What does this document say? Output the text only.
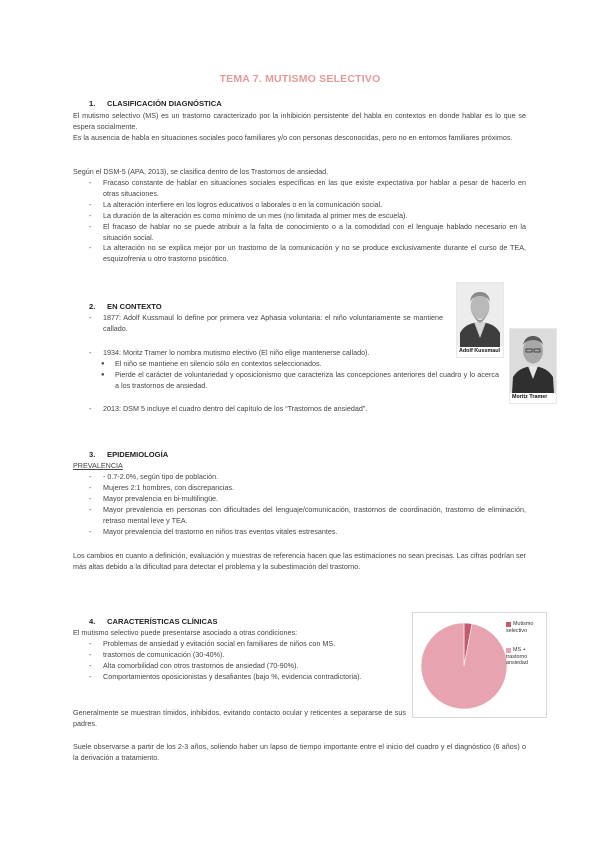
TEMA 7. MUTISMO SELECTIVO
1. CLASIFICACIÓN DIAGNÓSTICA
El mutismo selectivo (MS) es un trastorno caracterizado por la inhibición persistente del habla en contextos en donde hablar es lo que se espera socialmente.
Es la ausencia de habla en situaciones sociales poco familiares y/o con personas desconocidas, pero no en entornos familiares próximos.
Según el DSM-5 (APA, 2013), se clasifica dentro de los Trastornos de ansiedad.
- Fracaso constante de hablar en situaciones sociales específicas en las que existe expectativa por hablar a pesar de hacerlo en otras situaciones.
- La alteración interfiere en los logros educativos o laborales o en la comunicación social.
- La duración de la alteración es como mínimo de un mes (no limitada al primer mes de escuela).
- El fracaso de hablar no se puede atribuir a la falta de conocimiento o a la comodidad con el lenguaje hablado necesario en la situación social.
- La alteración no se explica mejor por un trastorno de la comunicación y no se produce exclusivamente durante el curso de TEA, esquizofrenia u otro trastorno psicótico.
2. EN CONTEXTO
- 1877: Adolf Kussmaul lo define por primera vez Aphasia voluntaria: el niño voluntariamente se mantiene callado.
- 1934: Moritz Tramer lo nombra mutismo electivo (El niño elige mantenerse callado).
● El niño se mantiene en silencio sólo en contextos seleccionados.
● Pierde el carácter de voluntariedad y oposicionismo que caracteriza las concepciones anteriores del cuadro y lo acerca a los trastornos de ansiedad.
- 2013: DSM 5 incluye el cuadro dentro del capítulo de los “Trastornos de ansiedad”.
Adolf Kussmaul
Moritz Tramer
3. EPIDEMIOLOGÍA
PREVALENCIA
- - 0.7-2.0%, según tipo de población.
- Mujeres 2:1 hombres, con discrepancias.
- Mayor prevalencia en bi-multilingüe.
- Mayor prevalencia en personas con dificultades del lenguaje/comunicación, trastornos de coordinación, trastorno de eliminación, retraso mental leve y TEA.
- Mayor prevalencia del trastorno en niños tras eventos vitales estresantes.
Los cambios en cuanto a definición, evaluación y muestras de referencia hacen que las estimaciones no sean precisas. Las cifras podrían ser más altas debido a la dificultad para detectar el problema y la subestimación del trastorno.
4. CARACTERÍSTICAS CLÍNICAS
El mutismo selectivo puede presentarse asociado a otras condiciones:
- Problemas de ansiedad y evitación social en familiares de niños con MS.
- trastornos de comunicación (30-40%).
- Alta comorbilidad con otros trastornos de ansiedad (70-90%).
- Comportamientos oposicionistas y desafiantes (bajo %, evidencia contradictoria).
Generalmente se muestran tímidos, inhibidos, evitando contacto ocular y reticentes a separarse de sus padres.
Suele observarse a partir de los 2-3 años, soliendo haber un lapso de tiempo importante entre el inicio del cuadro y el diagnóstico (6 años) o la derivación a tratamiento.
Mutismo selectivo
MS + trastorno ansiedad
